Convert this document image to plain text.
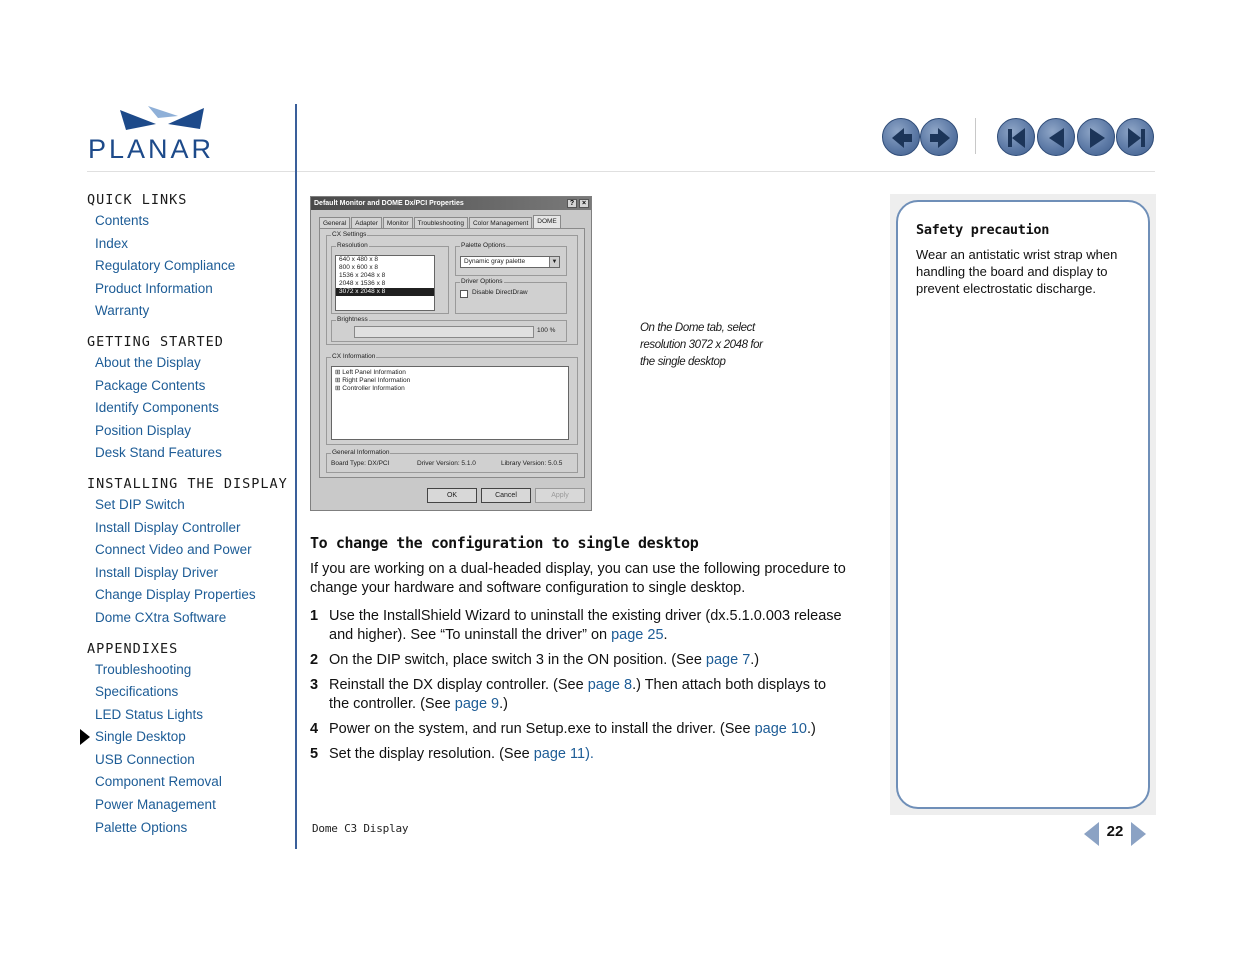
PLANAR
QUICK LINKS
Contents
Index
Regulatory Compliance
Product Information
Warranty
GETTING STARTED
About the Display
Package Contents
Identify Components
Position Display
Desk Stand Features
INSTALLING THE DISPLAY
Set DIP Switch
Install Display Controller
Connect Video and Power
Install Display Driver
Change Display Properties
Dome CXtra Software
APPENDIXES
Troubleshooting
Specifications
LED Status Lights
Single Desktop
USB Connection
Component Removal
Power Management
Palette Options
Default Monitor and DOME Dx/PCI Properties	?	×
General	Adapter	Monitor	Troubleshooting	Color Management	DOME
CX Settings
Resolution
640 x 480 x 8
800 x 600 x 8
1536 x 2048 x 8
2048 x 1536 x 8
3072 x 2048 x 8
Palette Options
Dynamic gray palette	▼
Driver Options
Disable DirectDraw
Brightness
100 %
CX Information
⊞ Left Panel Information
⊞ Right Panel Information
⊞ Controller Information
General Information
Board Type: DX/PCI	Driver Version: 5.1.0	Library Version: 5.0.5
OK	Cancel	Apply
On the Dome tab, select
resolution 3072 x 2048 for
the single desktop
To change the configuration to single desktop

If you are working on a dual-headed display, you can use the following procedure to change your hardware and software configuration to single desktop.

1 Use the InstallShield Wizard to uninstall the existing driver (dx.5.1.0.003 release and higher). See “To uninstall the driver” on page 25.
2 On the DIP switch, place switch 3 in the ON position. (See page 7.)
3 Reinstall the DX display controller. (See page 8.) Then attach both displays to the controller. (See page 9.)
4 Power on the system, and run Setup.exe to install the driver. (See page 10.)
5 Set the display resolution. (See page 11).
Safety precaution
Wear an antistatic wrist strap when handling the board and display to prevent electrostatic discharge.
Dome C3 Display	22
